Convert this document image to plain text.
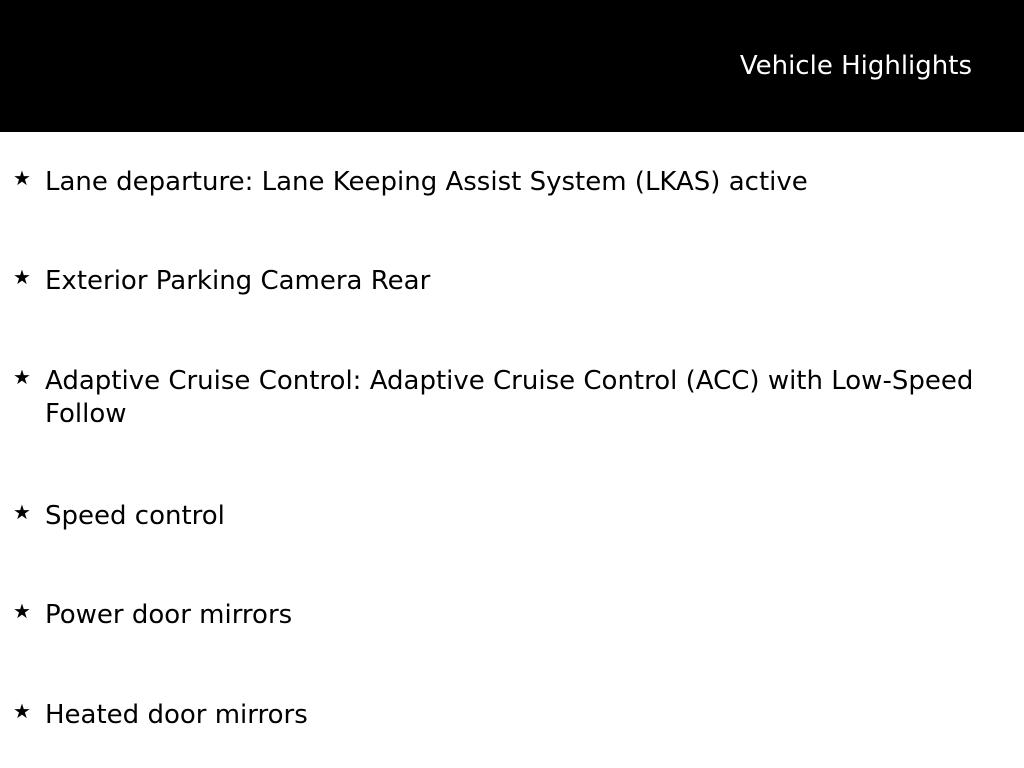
Vehicle Highlights
★ Lane departure: Lane Keeping Assist System (LKAS) active
★ Exterior Parking Camera Rear
★ Adaptive Cruise Control: Adaptive Cruise Control (ACC) with Low-Speed Follow
★ Speed control
★ Power door mirrors
★ Heated door mirrors
